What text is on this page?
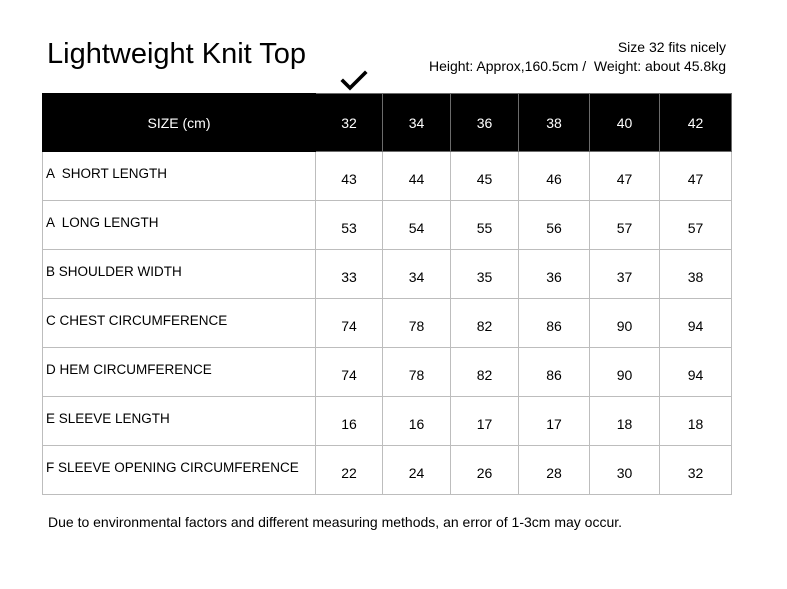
Lightweight Knit Top	Size 32 fits nicely
Height: Approx,160.5cm /  Weight: about 45.8kg
SIZE (cm)	32	34	36	38	40	42
A  SHORT LENGTH	43	44	45	46	47	47
A  LONG LENGTH	53	54	55	56	57	57
B SHOULDER WIDTH	33	34	35	36	37	38
C CHEST CIRCUMFERENCE	74	78	82	86	90	94
D HEM CIRCUMFERENCE	74	78	82	86	90	94
E SLEEVE LENGTH	16	16	17	17	18	18
F SLEEVE OPENING CIRCUMFERENCE	22	24	26	28	30	32
Due to environmental factors and different measuring methods, an error of 1-3cm may occur.
